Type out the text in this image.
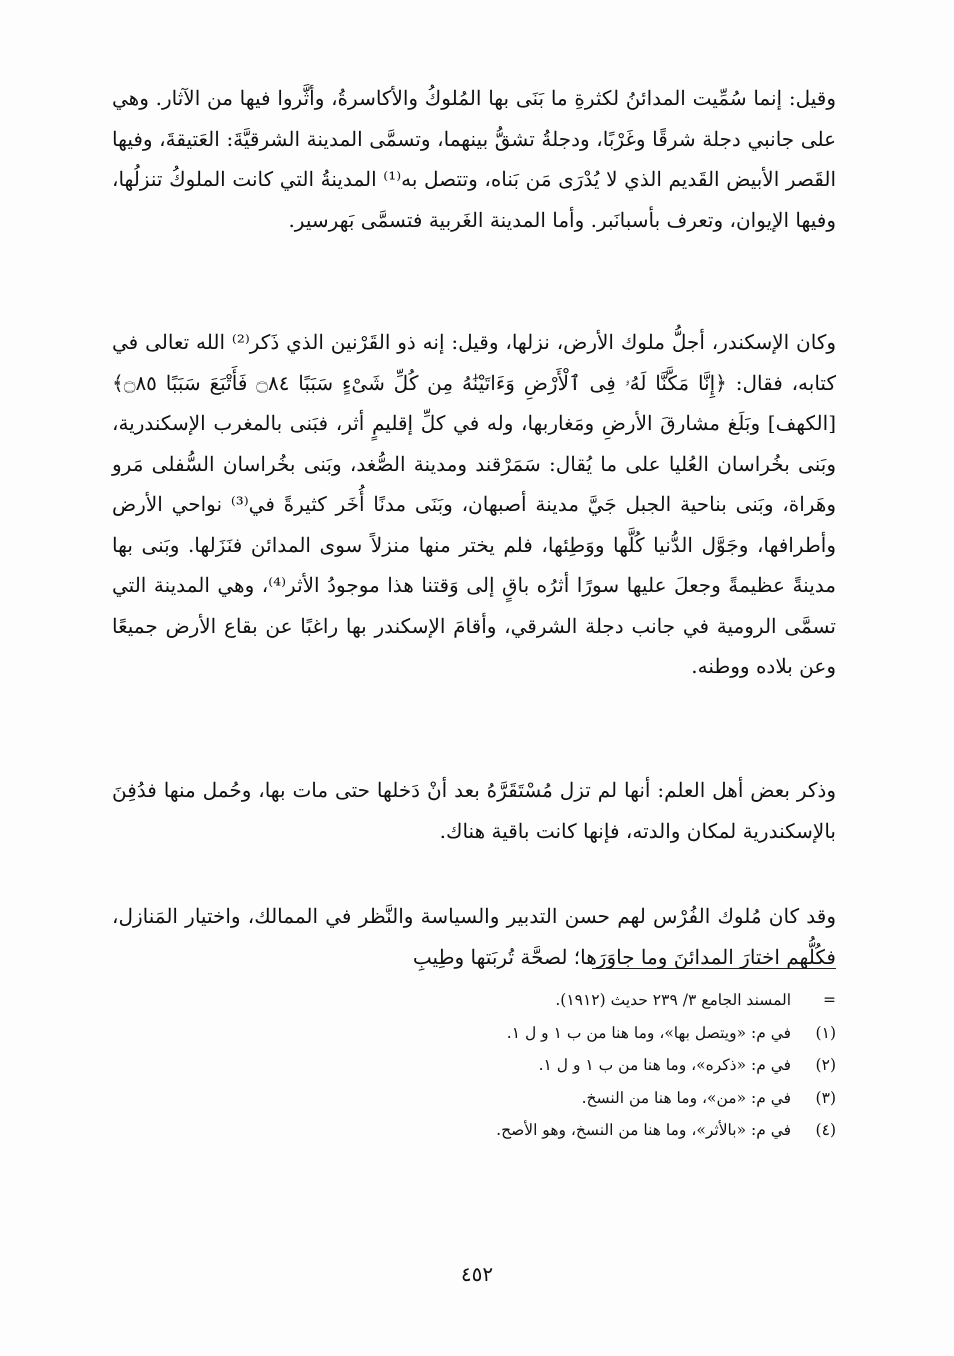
وقيل: إنما سُمِّيت المدائنُ لكثرةِ ما بَنَى بها المُلوكُ والأكاسرةُ، وأثَّروا فيها من الآثار. وهي على جانبي دجلة شرقًا وغَرْبًا، ودجلةُ تشقُّ بينهما، وتسمَّى المدينة الشرقيَّةَ: العَتيقةَ، وفيها القَصر الأبيض القَديم الذي لا يُدْرَى مَن بَناه، وتتصل به⁽¹⁾ المدينةُ التي كانت الملوكُ تنزلُها، وفيها الإيوان، وتعرف بأسبانَبر. وأما المدينة الغَربية فتسمَّى بَهرسير.

وكان الإسكندر، أجلُّ ملوك الأرض، نزلها، وقيل: إنه ذو القَرْنين الذي ذَكر⁽²⁾ الله تعالى في كتابه، فقال: ﴿إِنَّا مَكَّنَّا لَهُۥ فِى ٱلْأَرْضِ وَءَاتَيْنَٰهُ مِن كُلِّ شَىْءٍ سَبَبًا ۝٨٤ فَأَتْبَعَ سَبَبًا ۝٨٥﴾ [الكهف] وبَلَغ مشارقَ الأرضِ ومَغاربها، وله في كلِّ إقليمٍ أثر، فبَنى بالمغرب الإسكندرية، وبَنى بخُراسان العُليا على ما يُقال: سَمَرْقند ومدينة الصُّغد، وبَنى بخُراسان السُّفلى مَرو وهَراة، وبَنى بناحية الجبل جَيَّ مدينة أصبهان، وبَنَى مدنًا أُخَر كثيرةً في⁽³⁾ نواحي الأرض وأطرافها، وجَوَّل الدُّنيا كُلَّها ووَطِئها، فلم يختر منها منزلاً سوى المدائن فنَزَلها. وبَنى بها مدينةً عظيمةً وجعلَ عليها سورًا أثرُه باقٍ إلى وَقتنا هذا موجودُ الأثر⁽⁴⁾، وهي المدينة التي تسمَّى الرومية في جانب دجلة الشرقي، وأقامَ الإسكندر بها راغبًا عن بقاع الأرض جميعًا وعن بلاده ووطنه.

وذكر بعض أهل العلم: أنها لم تزل مُسْتَقَرَّهُ بعد أنْ دَخلها حتى مات بها، وحُمل منها فدُفِنَ بالإسكندرية لمكان والدته، فإنها كانت باقية هناك.

وقد كان مُلوك الفُرْس لهم حسن التدبير والسياسة والنَّظر في الممالك، واختيار المَنازل، فكُلُّهم اختارَ المدائنَ وما جاوَرَها؛ لصحَّة تُربَتها وطِيبِ

= المسند الجامع ٣/ ٢٣٩ حديث (١٩١٢).
(١) في م: «ويتصل بها»، وما هنا من ب ١ و ل ١.
(٢) في م: «ذكره»، وما هنا من ب ١ و ل ١.
(٣) في م: «من»، وما هنا من النسخ.
(٤) في م: «بالأثر»، وما هنا من النسخ، وهو الأصح.
٤٥٢
